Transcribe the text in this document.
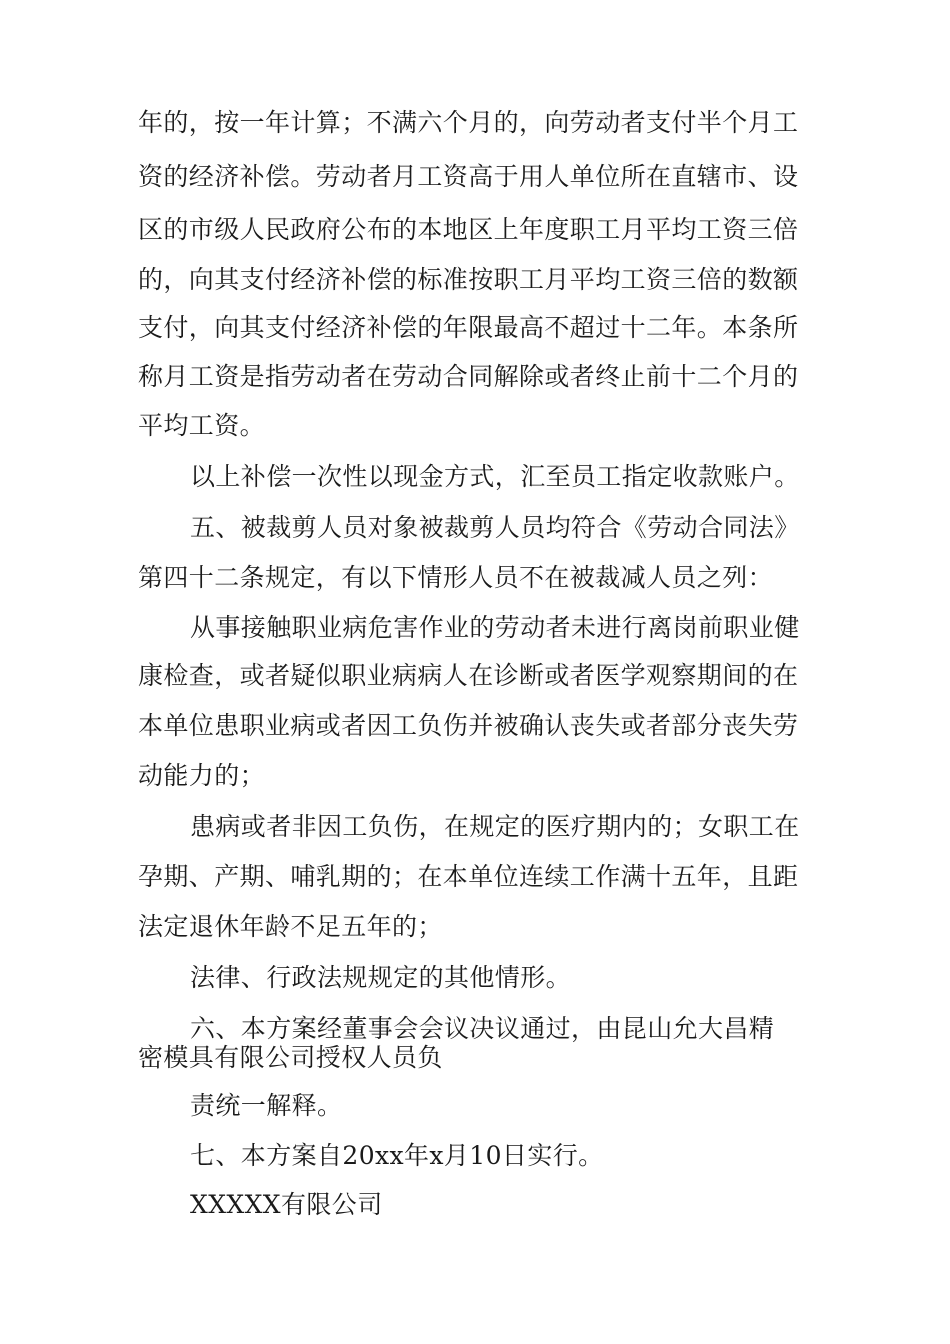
年的，按一年计算；不满六个月的，向劳动者支付半个月工
资的经济补偿。劳动者月工资高于用人单位所在直辖市、设
区的市级人民政府公布的本地区上年度职工月平均工资三倍
的，向其支付经济补偿的标准按职工月平均工资三倍的数额
支付，向其支付经济补偿的年限最高不超过十二年。本条所
称月工资是指劳动者在劳动合同解除或者终止前十二个月的
平均工资。
以上补偿一次性以现金方式，汇至员工指定收款账户。
五、被裁剪人员对象被裁剪人员均符合《劳动合同法》
第四十二条规定，有以下情形人员不在被裁减人员之列：
从事接触职业病危害作业的劳动者未进行离岗前职业健
康检查，或者疑似职业病病人在诊断或者医学观察期间的在
本单位患职业病或者因工负伤并被确认丧失或者部分丧失劳
动能力的；
患病或者非因工负伤，在规定的医疗期内的；女职工在
孕期、产期、哺乳期的；在本单位连续工作满十五年，且距
法定退休年龄不足五年的；
法律、行政法规规定的其他情形。
六、本方案经董事会会议决议通过，由昆山允大昌精
密模具有限公司授权人员负
责统一解释。
七、本方案自20xx年x月10日实行。
XXXXX有限公司
